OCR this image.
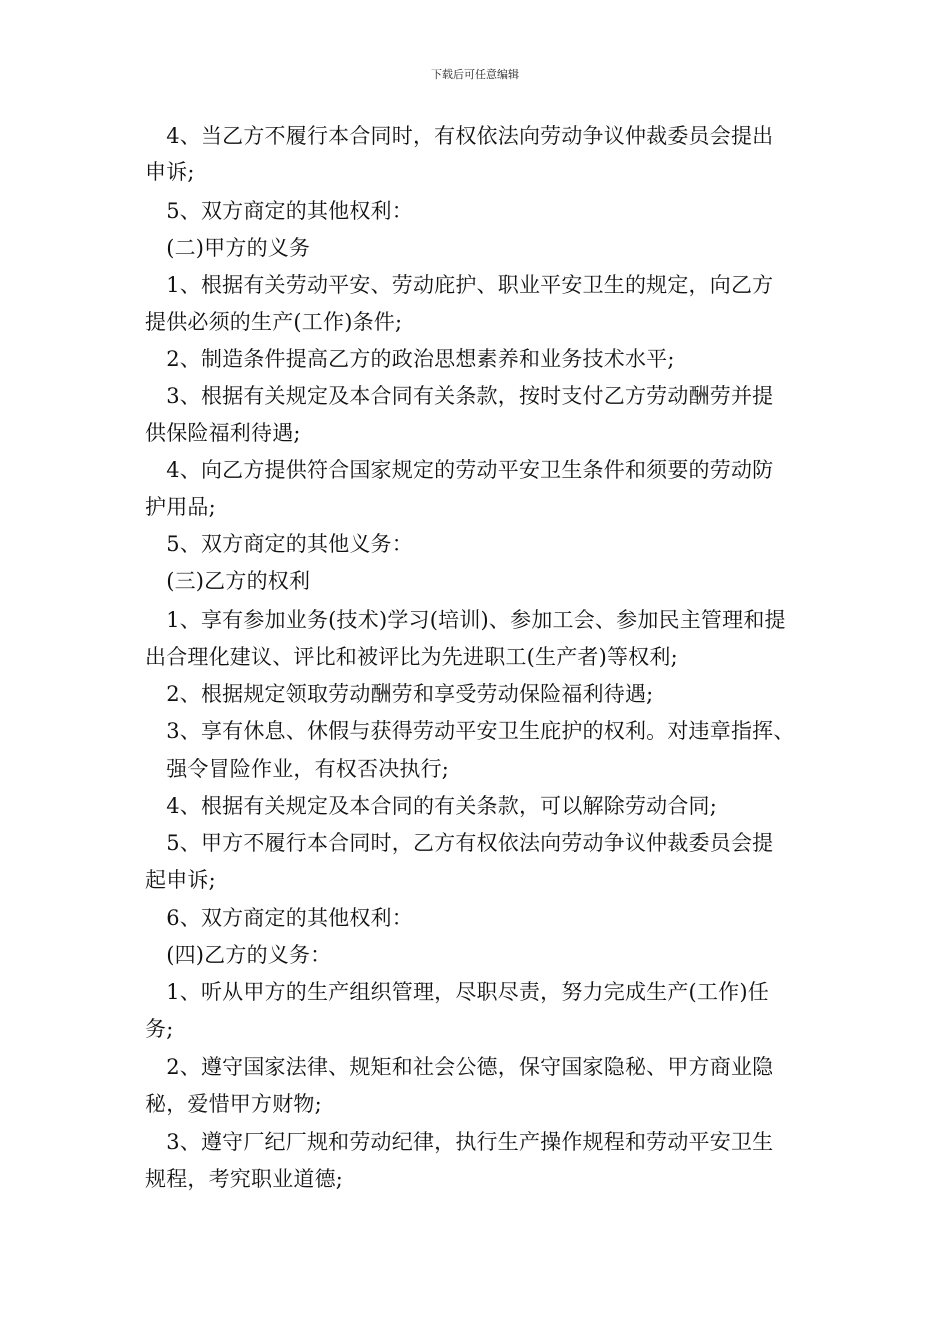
下载后可任意编辑
　4、当乙方不履行本合同时，有权依法向劳动争议仲裁委员会提出
申诉;
　5、双方商定的其他权利：
　(二)甲方的义务
　1、根据有关劳动平安、劳动庇护、职业平安卫生的规定，向乙方
提供必须的生产(工作)条件;
　2、制造条件提高乙方的政治思想素养和业务技术水平;
　3、根据有关规定及本合同有关条款，按时支付乙方劳动酬劳并提
供保险福利待遇;
　4、向乙方提供符合国家规定的劳动平安卫生条件和须要的劳动防
护用品;
　5、双方商定的其他义务：
　(三)乙方的权利
　1、享有参加业务(技术)学习(培训)、参加工会、参加民主管理和提
出合理化建议、评比和被评比为先进职工(生产者)等权利;
　2、根据规定领取劳动酬劳和享受劳动保险福利待遇;
　3、享有休息、休假与获得劳动平安卫生庇护的权利。对违章指挥、
　强令冒险作业，有权否决执行;
　4、根据有关规定及本合同的有关条款，可以解除劳动合同;
　5、甲方不履行本合同时，乙方有权依法向劳动争议仲裁委员会提
起申诉;
　6、双方商定的其他权利：
　(四)乙方的义务：
　1、听从甲方的生产组织管理，尽职尽责，努力完成生产(工作)任
务;
　2、遵守国家法律、规矩和社会公德，保守国家隐秘、甲方商业隐
秘，爱惜甲方财物;
　3、遵守厂纪厂规和劳动纪律，执行生产操作规程和劳动平安卫生
规程，考究职业道德;
